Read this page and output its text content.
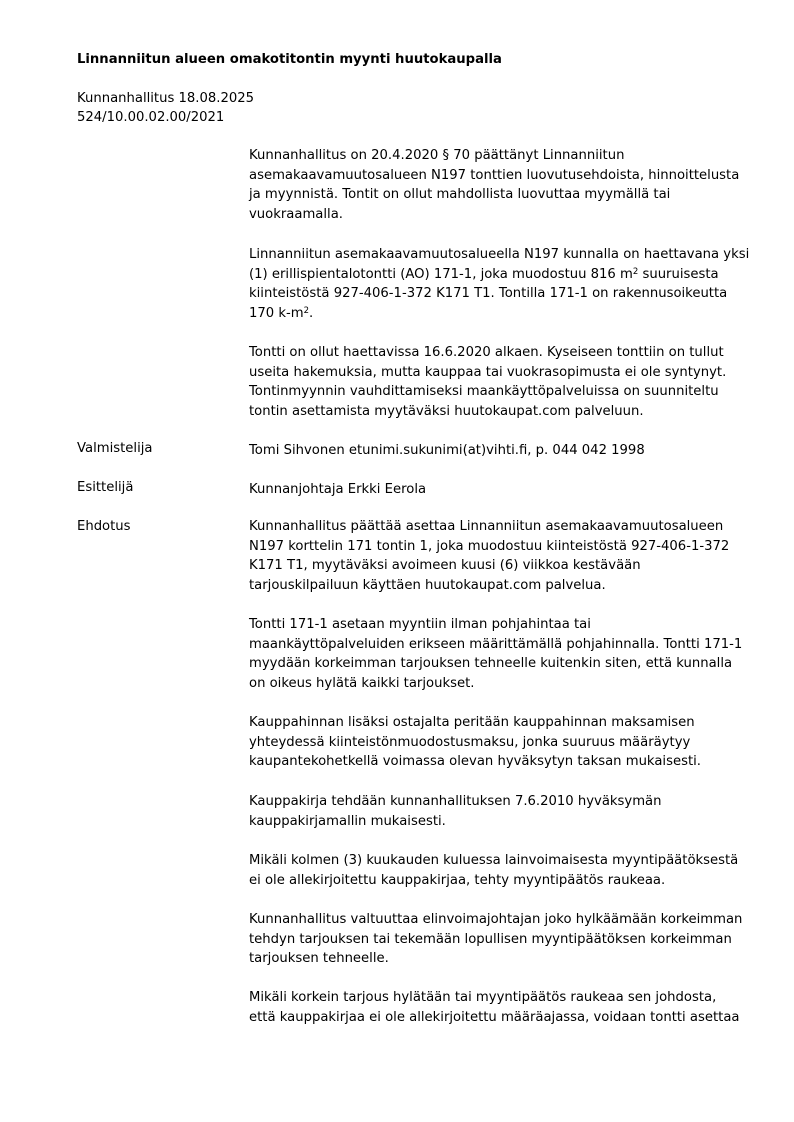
Linnanniitun alueen omakotitontin myynti huutokaupalla
Kunnanhallitus 18.08.2025
524/10.00.02.00/2021
Kunnanhallitus on 20.4.2020 § 70 päättänyt Linnanniitun
asemakaavamuutosalueen N197 tonttien luovutusehdoista, hinnoittelusta
ja myynnistä. Tontit on ollut mahdollista luovuttaa myymällä tai
vuokraamalla.
Linnanniitun asemakaavamuutosalueella N197 kunnalla on haettavana yksi
(1) erillispientalotontti (AO) 171-1, joka muodostuu 816 $m^2$ suuruisesta
kiinteistöstä 927-406-1-372 K171 T1. Tontilla 171-1 on rakennusoikeutta
170 $k-m^2$.
Tontti on ollut haettavissa 16.6.2020 alkaen. Kyseiseen tonttiin on tullut
useita hakemuksia, mutta kauppaa tai vuokrasopimusta ei ole syntynyt.
Tontinmyynnin vauhdittamiseksi maankäyttöpalveluissa on suunniteltu
tontin asettamista myytäväksi huutokaupat.com palveluun.
Valmistelija	Tomi Sihvonen etunimi.sukunimi(at)vihti.fi, p. 044 042 1998
Esittelijä	Kunnanjohtaja Erkki Eerola
Ehdotus	Kunnanhallitus päättää asettaa Linnanniitun asemakaavamuutosalueen
N197 korttelin 171 tontin 1, joka muodostuu kiinteistöstä 927-406-1-372
K171 T1, myytäväksi avoimeen kuusi (6) viikkoa kestävään
tarjouskilpailuun käyttäen huutokaupat.com palvelua.
Tontti 171-1 asetaan myyntiin ilman pohjahintaa tai
maankäyttöpalveluiden erikseen määrittämällä pohjahinnalla. Tontti 171-1
myydään korkeimman tarjouksen tehneelle kuitenkin siten, että kunnalla
on oikeus hylätä kaikki tarjoukset.
Kauppahinnan lisäksi ostajalta peritään kauppahinnan maksamisen
yhteydessä kiinteistönmuodostusmaksu, jonka suuruus määräytyy
kaupantekohetkellä voimassa olevan hyväksytyn taksan mukaisesti.
Kauppakirja tehdään kunnanhallituksen 7.6.2010 hyväksymän
kauppakirjamallin mukaisesti.
Mikäli kolmen (3) kuukauden kuluessa lainvoimaisesta myyntipäätöksestä
ei ole allekirjoitettu kauppakirjaa, tehty myyntipäätös raukeaa.
Kunnanhallitus valtuuttaa elinvoimajohtajan joko hylkäämään korkeimman
tehdyn tarjouksen tai tekemään lopullisen myyntipäätöksen korkeimman
tarjouksen tehneelle.
Mikäli korkein tarjous hylätään tai myyntipäätös raukeaa sen johdosta,
että kauppakirjaa ei ole allekirjoitettu määräajassa, voidaan tontti asettaa
